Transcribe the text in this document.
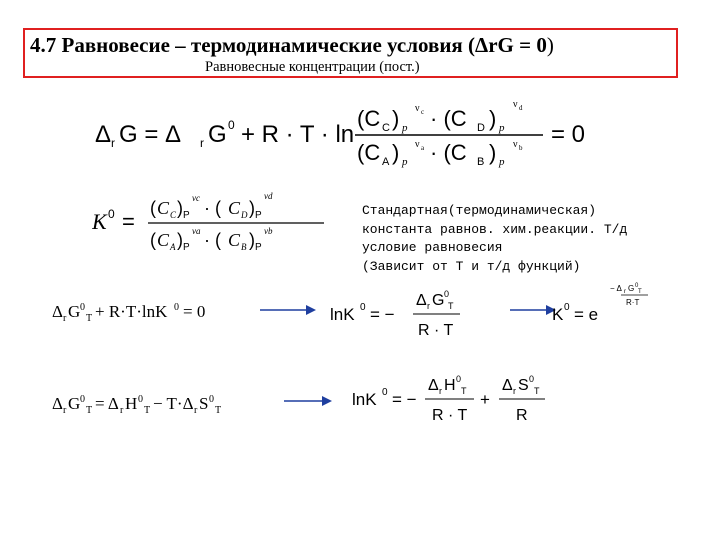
4.7 Равновесие – термодинамические условия (ΔrG = 0)
Равновесные концентрации (пост.)
Δ r G = Δ r G 0 + R · T · ln
(C C ) p
ν c · (C D ) p
ν d
(C A ) p
ν a · (C B ) p
ν b = 0
K 0 =
( C C ) P
νc · ( C D ) P
νd
( C A ) P
νa · ( C B ) P
νb
Стандартная(термодинамическая)
константа равнов. хим.реакции. Т/д
условие равновесия
(Зависит от Т и т/д функций)
Δ r G 0
T + R·T·lnK 0 = 0	lnK 0 = −
Δ r G 0
T
R · T
K 0 = e
− Δ r G 0
T
R·T
Δ r G 0
T = Δ r H 0
T − T·Δ r S 0
T
lnK 0 = −
Δ r H 0
T
R · T
+
Δ r S 0
T
R
